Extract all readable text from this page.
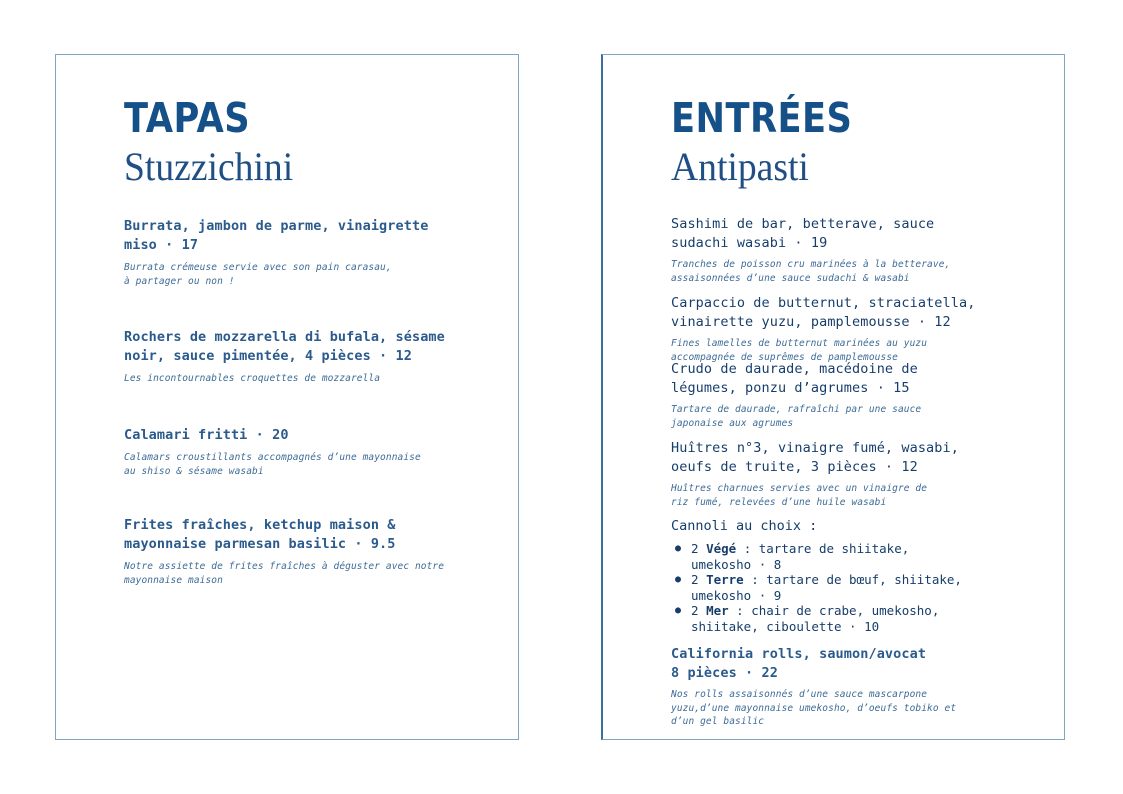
TAPAS
Stuzzichini

Burrata, jambon de parme, vinaigrette
miso · 17

Burrata crémeuse servie avec son pain carasau,
à partager ou non !

Rochers de mozzarella di bufala, sésame
noir, sauce pimentée, 4 pièces · 12

Les incontournables croquettes de mozzarella

Calamari fritti · 20

Calamars croustillants accompagnés d’une mayonnaise
au shiso & sésame wasabi

Frites fraîches, ketchup maison &
mayonnaise parmesan basilic · 9.5

Notre assiette de frites fraîches à déguster avec notre
mayonnaise maison

ENTRÉES
Antipasti

Sashimi de bar, betterave, sauce
sudachi wasabi · 19

Tranches de poisson cru marinées à la betterave,
assaisonnées d’une sauce sudachi & wasabi

Carpaccio de butternut, straciatella,
vinairette yuzu, pamplemousse · 12

Fines lamelles de butternut marinées au yuzu
accompagnée de suprêmes de pamplemousse

Crudo de daurade, macédoine de
légumes, ponzu d’agrumes · 15

Tartare de daurade, rafraîchi par une sauce
japonaise aux agrumes

Huîtres n°3, vinaigre fumé, wasabi,
oeufs de truite, 3 pièces · 12

Huîtres charnues servies avec un vinaigre de
riz fumé, relevées d’une huile wasabi

Cannoli au choix :

● 2 Végé : tartare de shiitake,
umekosho · 8
● 2 Terre : tartare de bœuf, shiitake,
umekosho · 9
● 2 Mer : chair de crabe, umekosho,
shiitake, ciboulette · 10

California rolls, saumon/avocat
8 pièces · 22

Nos rolls assaisonnés d’une sauce mascarpone
yuzu,d’une mayonnaise umekosho, d’oeufs tobiko et
d’un gel basilic
